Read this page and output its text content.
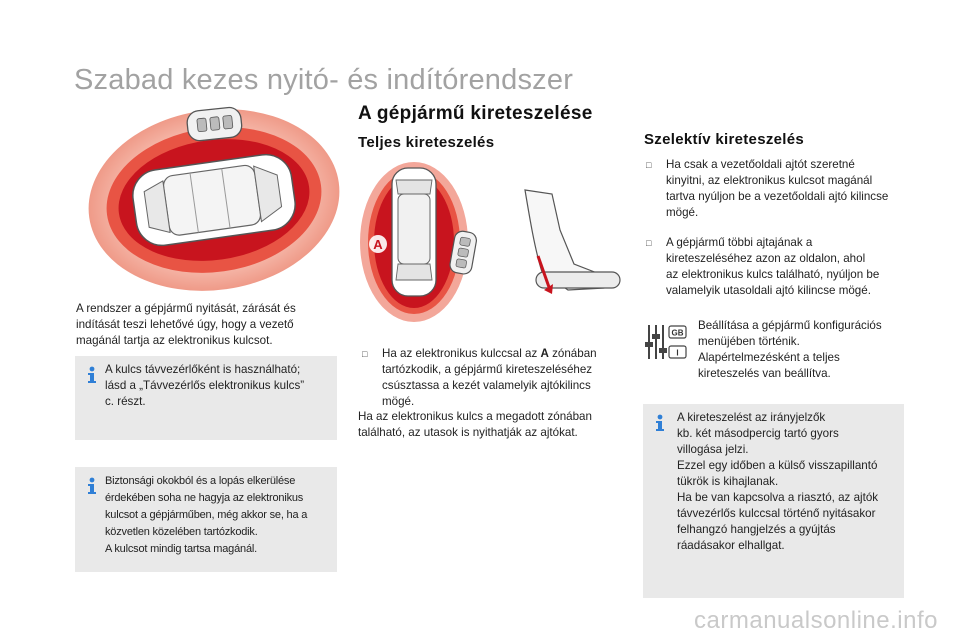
Szabad kezes nyitó- és indítórendszer
A gépjármű kireteszelése
A rendszer a gépjármű nyitását, zárását és
indítását teszi lehetővé úgy, hogy a vezető
magánál tartja az elektronikus kulcsot.
A kulcs távvezérlőként is használható;
lásd a „Távvezérlős elektronikus kulcs”
c. részt.
Biztonsági okokból és a lopás elkerülése
érdekében soha ne hagyja az elektronikus
kulcsot a gépjárműben, még akkor se, ha a
közvetlen közelében tartózkodik.
A kulcsot mindig tartsa magánál.
Teljes kireteszelés
A
□ Ha az elektronikus kulccsal az A zónában
tartózkodik, a gépjármű kireteszeléséhez
csúsztassa a kezét valamelyik ajtókilincs
mögé.
Ha az elektronikus kulcs a megadott zónában
található, az utasok is nyithatják az ajtókat.
Szelektív kireteszelés
□ Ha csak a vezetőoldali ajtót szeretné
kinyitni, az elektronikus kulcsot magánál
tartva nyúljon be a vezetőoldali ajtó kilincse
mögé.
□ A gépjármű többi ajtajának a
kireteszeléséhez azon az oldalon, ahol
az elektronikus kulcs található, nyúljon be
valamelyik utasoldali ajtó kilincse mögé.
GB
I
Beállítása a gépjármű konfigurációs
menüjében történik.
Alapértelmezésként a teljes
kireteszelés van beállítva.
A kireteszelést az irányjelzők
kb. két másodpercig tartó gyors
villogása jelzi.
Ezzel egy időben a külső visszapillantó
tükrök is kihajlanak.
Ha be van kapcsolva a riasztó, az ajtók
távvezérlős kulccsal történő nyitásakor
felhangzó hangjelzés a gyújtás
ráadásakor elhallgat.
carmanualsonline.info
